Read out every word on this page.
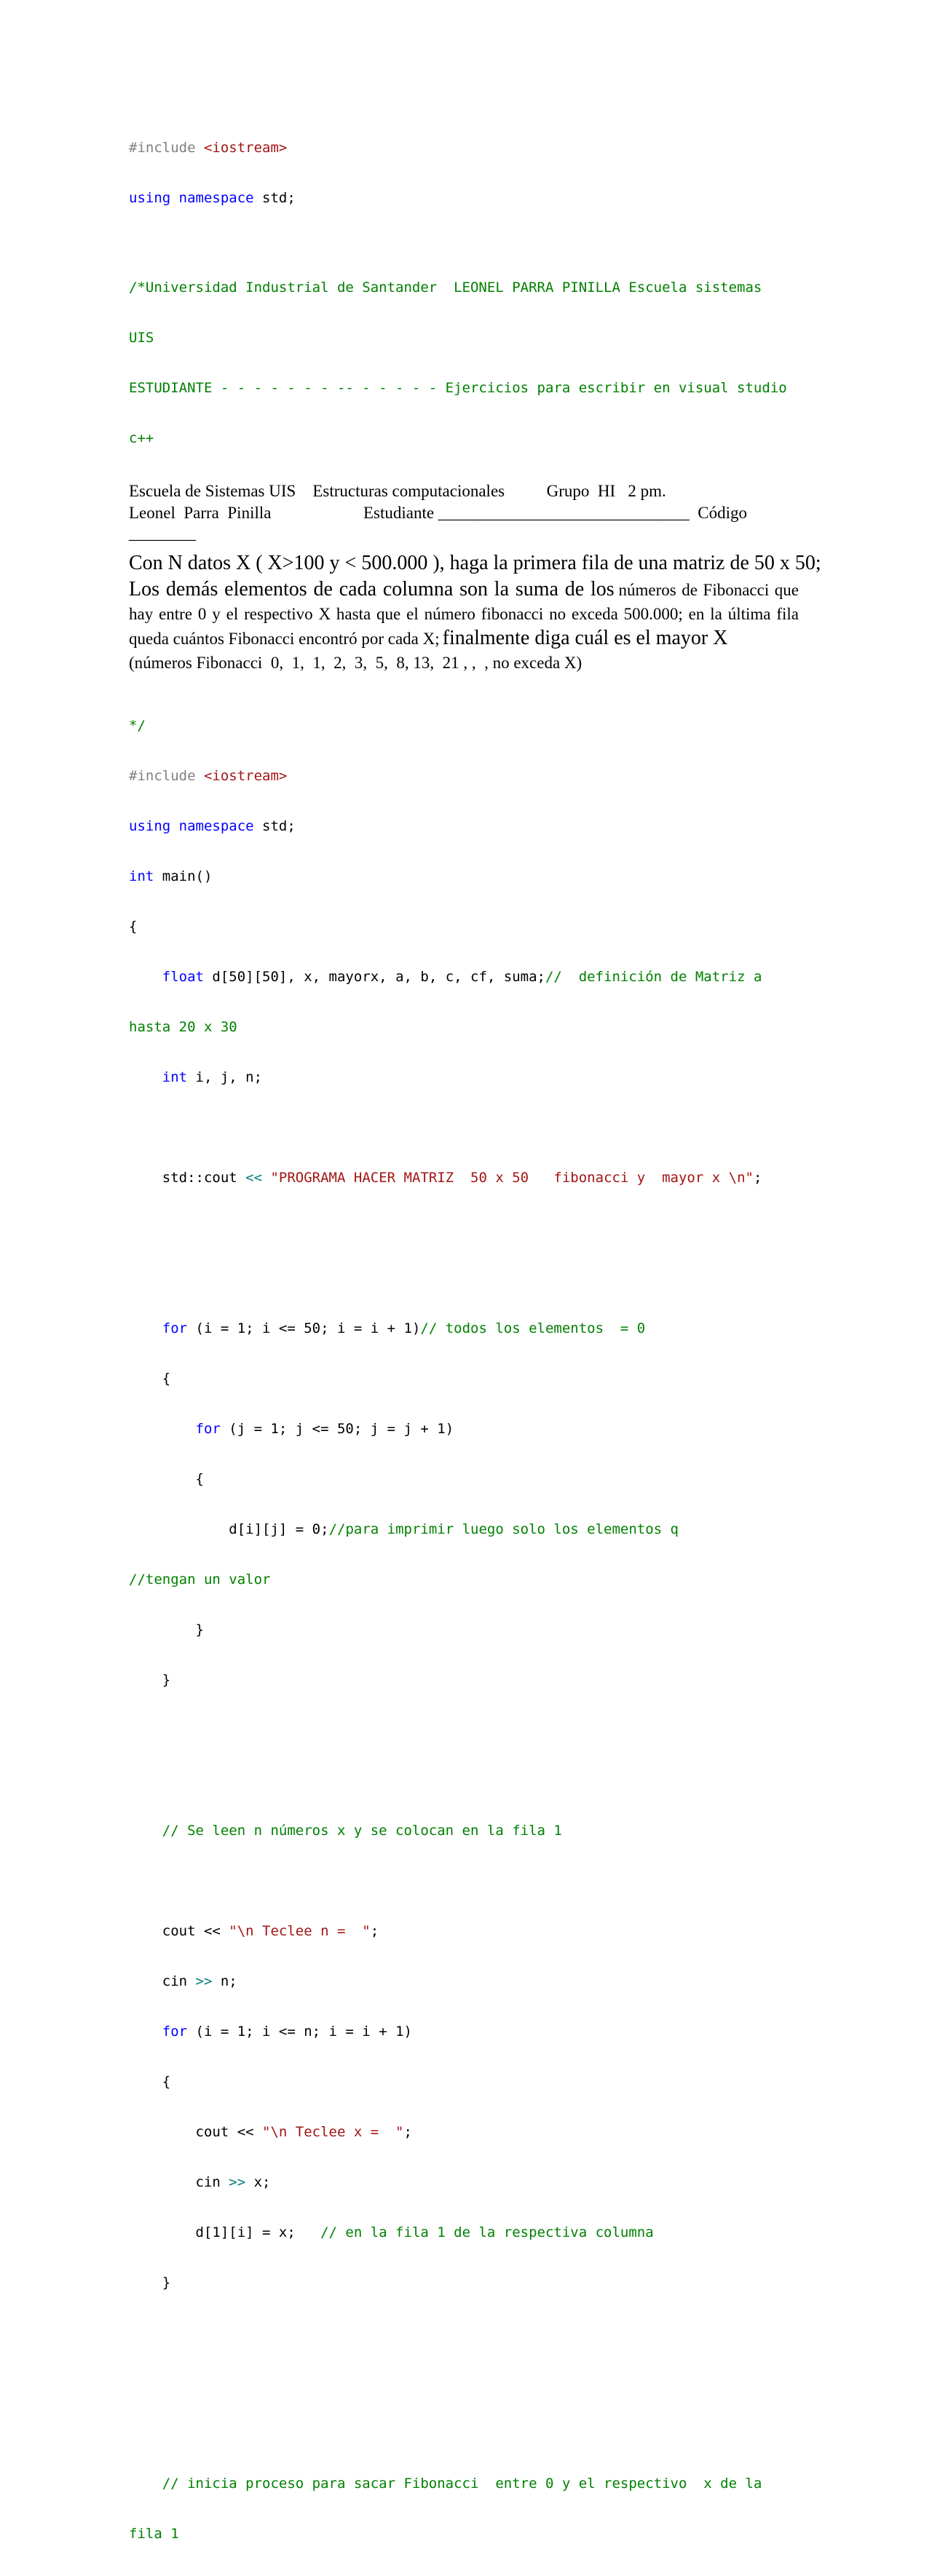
#include <iostream>

using namespace std;

/*Universidad Industrial de Santander  LEONEL PARRA PINILLA Escuela sistemas

UIS

ESTUDIANTE - - - - - - - -- - - - - - Ejercicios para escribir en visual studio

c++

Escuela de Sistemas UIS Estructuras computacionales	Grupo  HI   2 pm.
Leonel  Parra  Pinilla	Estudiante ______________________________ Código
________
Con N datos X ( X>100 y < 500.000 ), haga la primera fila de una matriz de 50 x 50;
Los demás elementos de cada columna son la suma de los números de Fibonacci que hay entre 0 y el respectivo X hasta que el número fibonacci no exceda 500.000; en la última fila queda cuántos Fibonacci encontró por cada X; finalmente diga cuál es el mayor X
(números Fibonacci  0,  1,  1,  2,  3,  5,  8, 13,  21 , ,  , no exceda X)

*/

#include <iostream>

using namespace std;

int main()

{

float d[50][50], x, mayorx, a, b, c, cf, suma;//  definición de Matriz a

hasta 20 x 30

int i, j, n;

std::cout << "PROGRAMA HACER MATRIZ  50 x 50   fibonacci y  mayor x \n";

for (i = 1; i <= 50; i = i + 1)// todos los elementos  = 0

{

for (j = 1; j <= 50; j = j + 1)

{

d[i][j] = 0;//para imprimir luego solo los elementos q

//tengan un valor

}

}

// Se leen n números x y se colocan en la fila 1

cout << "\n Teclee n =  ";

cin >> n;

for (i = 1; i <= n; i = i + 1)

{

cout << "\n Teclee x =  ";

cin >> x;

d[1][i] = x;   // en la fila 1 de la respectiva columna

}

// inicia proceso para sacar Fibonacci  entre 0 y el respectivo  x de la

fila 1
